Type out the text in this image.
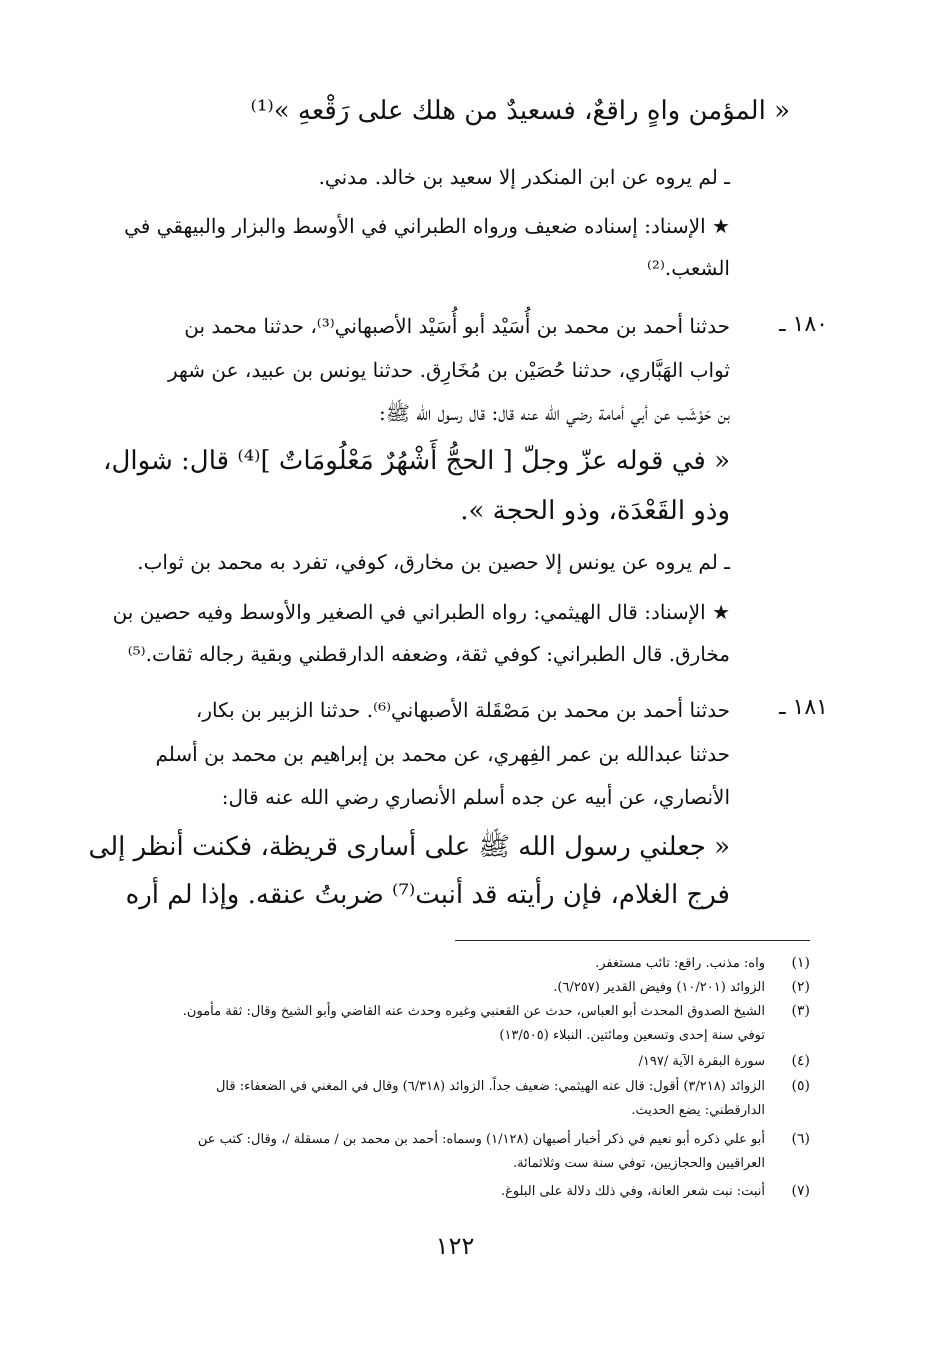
« المؤمن واهٍ راقعٌ، فسعيدٌ من هلك على رَقْعهِ »⁽¹⁾
ـ لم يروه عن ابن المنكدر إلا سعيد بن خالد. مدني.
★ الإسناد: إسناده ضعيف ورواه الطبراني في الأوسط والبزار والبيهقي في
الشعب.⁽²⁾
١٨٠ ـ
حدثنا أحمد بن محمد بن أُسَيْد أبو أُسَيْد الأصبهاني⁽³⁾، حدثنا محمد بن
ثواب الهَبَّاري، حدثنا حُصَيْن بن مُخَارِق. حدثنا يونس بن عبيد، عن شهر
بن حَوْشَب عن أبي أمامة رضي الله عنه قال: قال رسول الله ﷺ:
« في قوله عزّ وجلّ [ الحجُّ أَشْهُرٌ مَعْلُومَاتٌ ]⁽⁴⁾ قال: شوال،
وذو القَعْدَة، وذو الحجة ».
ـ لم يروه عن يونس إلا حصين بن مخارق، كوفي، تفرد به محمد بن ثواب.
★ الإسناد: قال الهيثمي: رواه الطبراني في الصغير والأوسط وفيه حصين بن
مخارق. قال الطبراني: كوفي ثقة، وضعفه الدارقطني وبقية رجاله ثقات.⁽⁵⁾
١٨١ ـ
حدثنا أحمد بن محمد بن مَصْقَلة الأصبهاني⁽⁶⁾. حدثنا الزبير بن بكار،
حدثنا عبدالله بن عمر الفِهري، عن محمد بن إبراهيم بن محمد بن أسلم
الأنصاري، عن أبيه عن جده أسلم الأنصاري رضي الله عنه قال:
« جعلني رسول الله ﷺ على أسارى قريظة، فكنت أنظر إلى
فرج الغلام، فإن رأيته قد أنبت⁽⁷⁾ ضربتُ عنقه. وإذا لم أره
(١)
واه: مذنب. راقع: تائب مستغفر.
(٢)
الزوائد (١٠/٢٠١) وفيض القدير (٦/٢٥٧).
(٣)
الشيخ الصدوق المحدث أبو العباس، حدث عن القعنبي وغيره وحدث عنه القاضي وأبو الشيخ وقال: ثقة مأمون.
توفي سنة إحدى وتسعين ومائتين. النبلاء (١٣/٥٠٥)
(٤)
سورة البقرة الآية /١٩٧/
(٥)
الزوائد (٣/٢١٨) أقول: قال عنه الهيثمي: ضعيف جداً. الزوائد (٦/٣١٨) وقال في المغني في الضعفاء: قال
الدارقطني: يضع الحديث.
(٦)
أبو علي ذكره أبو نعيم في ذكر أخبار أصبهان (١/١٢٨) وسماه: أحمد بن محمد بن / مسقلة /، وقال: كتب عن
العراقيين والحجازيين، توفي سنة ست وثلاثمائة.
(٧)
أنبت: نبت شعر العانة، وفي ذلك دلالة على البلوغ.
١٢٢
